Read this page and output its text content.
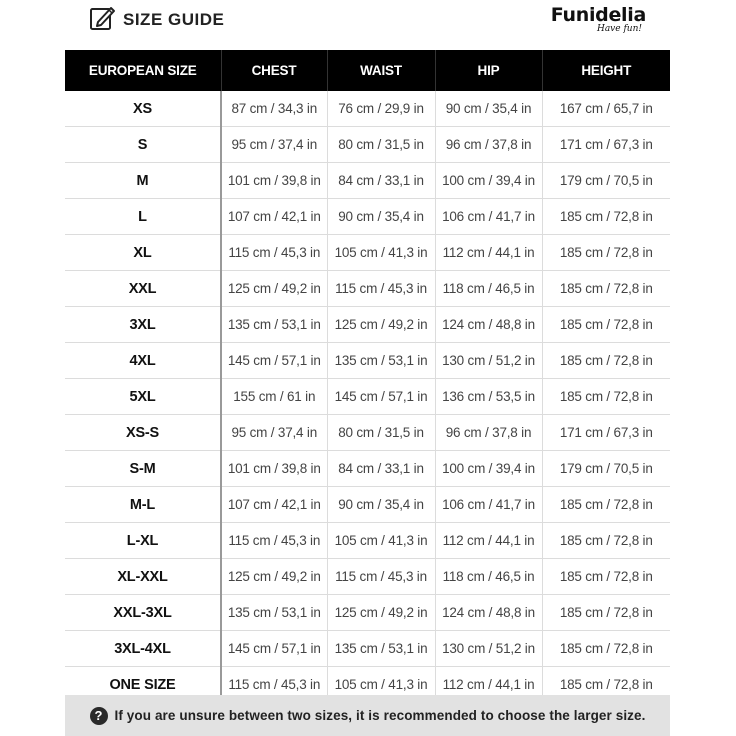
SIZE GUIDE	Funidelia
Have fun!
EUROPEAN SIZE	CHEST	WAIST	HIP	HEIGHT
XS	87 cm / 34,3 in	76 cm / 29,9 in	90 cm / 35,4 in	167 cm / 65,7 in
S	95 cm / 37,4 in	80 cm / 31,5 in	96 cm / 37,8 in	171 cm / 67,3 in
M	101 cm / 39,8 in	84 cm / 33,1 in	100 cm / 39,4 in	179 cm / 70,5 in
L	107 cm / 42,1 in	90 cm / 35,4 in	106 cm / 41,7 in	185 cm / 72,8 in
XL	115 cm / 45,3 in	105 cm / 41,3 in	112 cm / 44,1 in	185 cm / 72,8 in
XXL	125 cm / 49,2 in	115 cm / 45,3 in	118 cm / 46,5 in	185 cm / 72,8 in
3XL	135 cm / 53,1 in	125 cm / 49,2 in	124 cm / 48,8 in	185 cm / 72,8 in
4XL	145 cm / 57,1 in	135 cm / 53,1 in	130 cm / 51,2 in	185 cm / 72,8 in
5XL	155 cm / 61 in	145 cm / 57,1 in	136 cm / 53,5 in	185 cm / 72,8 in
XS-S	95 cm / 37,4 in	80 cm / 31,5 in	96 cm / 37,8 in	171 cm / 67,3 in
S-M	101 cm / 39,8 in	84 cm / 33,1 in	100 cm / 39,4 in	179 cm / 70,5 in
M-L	107 cm / 42,1 in	90 cm / 35,4 in	106 cm / 41,7 in	185 cm / 72,8 in
L-XL	115 cm / 45,3 in	105 cm / 41,3 in	112 cm / 44,1 in	185 cm / 72,8 in
XL-XXL	125 cm / 49,2 in	115 cm / 45,3 in	118 cm / 46,5 in	185 cm / 72,8 in
XXL-3XL	135 cm / 53,1 in	125 cm / 49,2 in	124 cm / 48,8 in	185 cm / 72,8 in
3XL-4XL	145 cm / 57,1 in	135 cm / 53,1 in	130 cm / 51,2 in	185 cm / 72,8 in
ONE SIZE	115 cm / 45,3 in	105 cm / 41,3 in	112 cm / 44,1 in	185 cm / 72,8 in
? If you are unsure between two sizes, it is recommended to choose the larger size.
